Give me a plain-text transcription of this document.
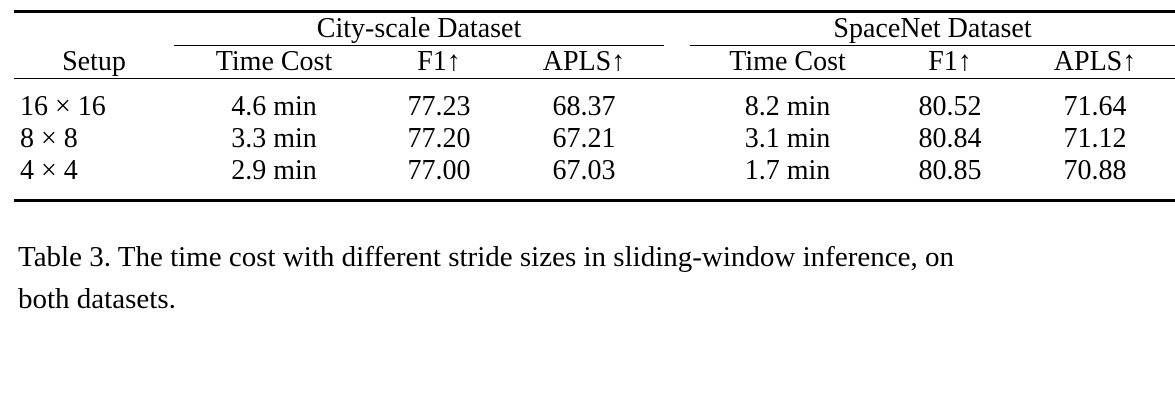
	City-scale Dataset				SpaceNet Dataset		

Setup	Time Cost	F1↑	APLS↑		Time Cost	F1↑	APLS↑
16 × 16	4.6 min	77.23	68.37		8.2 min	80.52	71.64
8 × 8	3.3 min	77.20	67.21		3.1 min	80.84	71.12
4 × 4	2.9 min	77.00	67.03		1.7 min	80.85	70.88
Table 3. The time cost with different stride sizes in sliding-window inference, on both datasets.
